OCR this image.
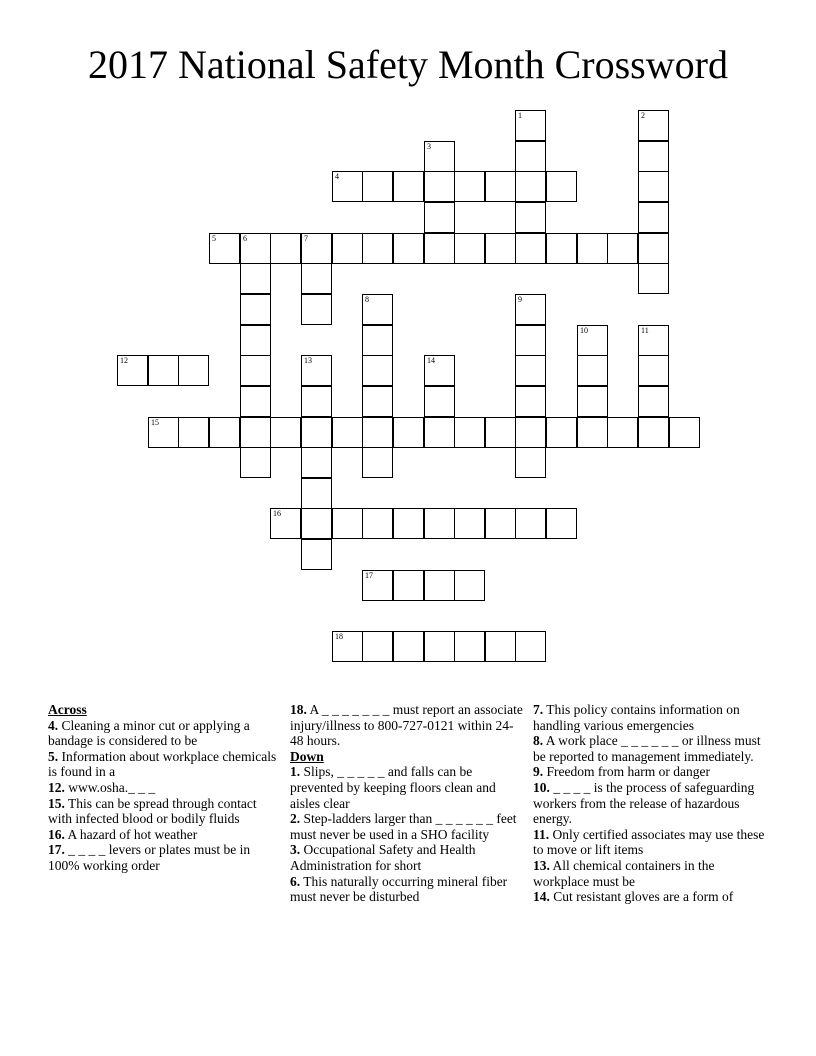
2017 National Safety Month Crossword
1	2
3
4
5	6	7
8	9
10	11
12	13	14
15
16
17
18
Across
4. Cleaning a minor cut or applying a bandage is considered to be
5. Information about workplace chemicals is found in a
12. www.osha._ _ _
15. This can be spread through contact with infected blood or bodily fluids
16. A hazard of hot weather
17. _ _ _ _ levers or plates must be in 100% working order
18. A _ _ _ _ _ _ _ must report an associate injury/illness to 800-727-0121 within 24-48 hours.
Down
1. Slips, _ _ _ _ _ and falls can be prevented by keeping floors clean and aisles clear
2. Step-ladders larger than _ _ _ _ _ _ feet must never be used in a SHO facility
3. Occupational Safety and Health Administration for short
6. This naturally occurring mineral fiber must never be disturbed
7. This policy contains information on handling various emergencies
8. A work place _ _ _ _ _ _ or illness must be reported to management immediately.
9. Freedom from harm or danger
10. _ _ _ _ is the process of safeguarding workers from the release of hazardous energy.
11. Only certified associates may use these to move or lift items
13. All chemical containers in the workplace must be
14. Cut resistant gloves are a form of
